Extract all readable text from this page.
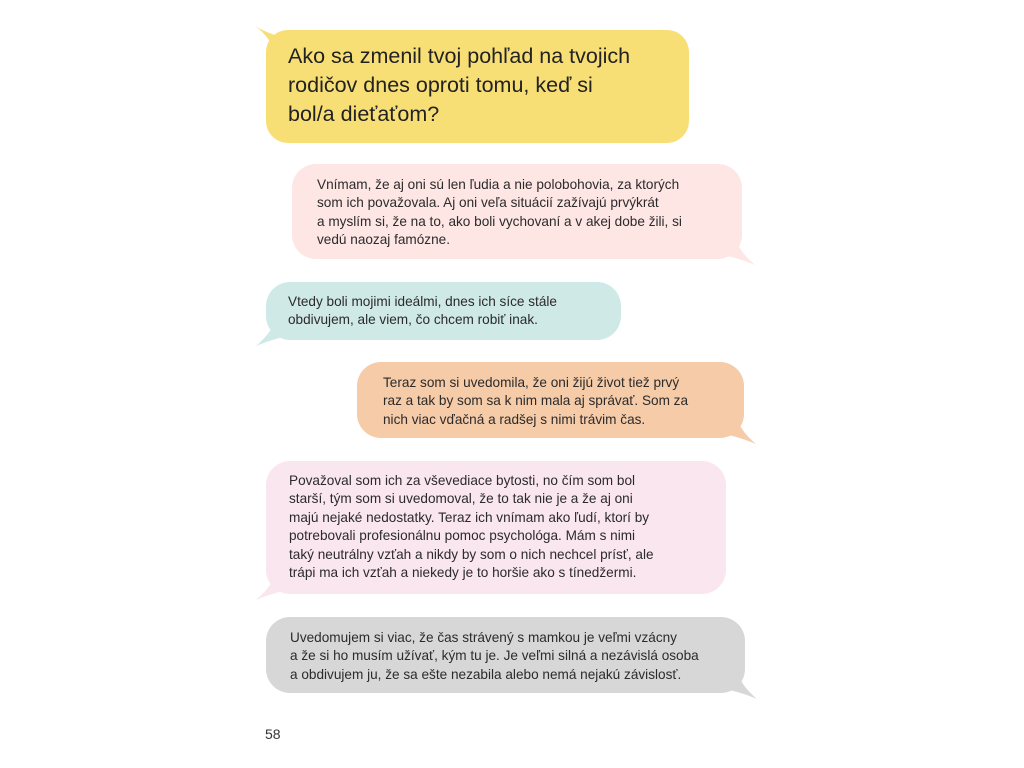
Ako sa zmenil tvoj pohľad na tvojich
rodičov dnes oproti tomu, keď si
bol/a dieťaťom?

Vnímam, že aj oni sú len ľudia a nie polobohovia, za ktorých
som ich považovala. Aj oni veľa situácií zažívajú prvýkrát
a myslím si, že na to, ako boli vychovaní a v akej dobe žili, si
vedú naozaj famózne.

Vtedy boli mojimi ideálmi, dnes ich síce stále
obdivujem, ale viem, čo chcem robiť inak.

Teraz som si uvedomila, že oni žijú život tiež prvý
raz a tak by som sa k nim mala aj správať. Som za
nich viac vďačná a radšej s nimi trávim čas.

Považoval som ich za vševediace bytosti, no čím som bol
starší, tým som si uvedomoval, že to tak nie je a že aj oni
majú nejaké nedostatky. Teraz ich vnímam ako ľudí, ktorí by
potrebovali profesionálnu pomoc psychológa. Mám s nimi
taký neutrálny vzťah a nikdy by som o nich nechcel prísť, ale
trápi ma ich vzťah a niekedy je to horšie ako s tínedžermi.

Uvedomujem si viac, že čas strávený s mamkou je veľmi vzácny
a že si ho musím užívať, kým tu je. Je veľmi silná a nezávislá osoba
a obdivujem ju, že sa ešte nezabila alebo nemá nejakú závislosť.

58
